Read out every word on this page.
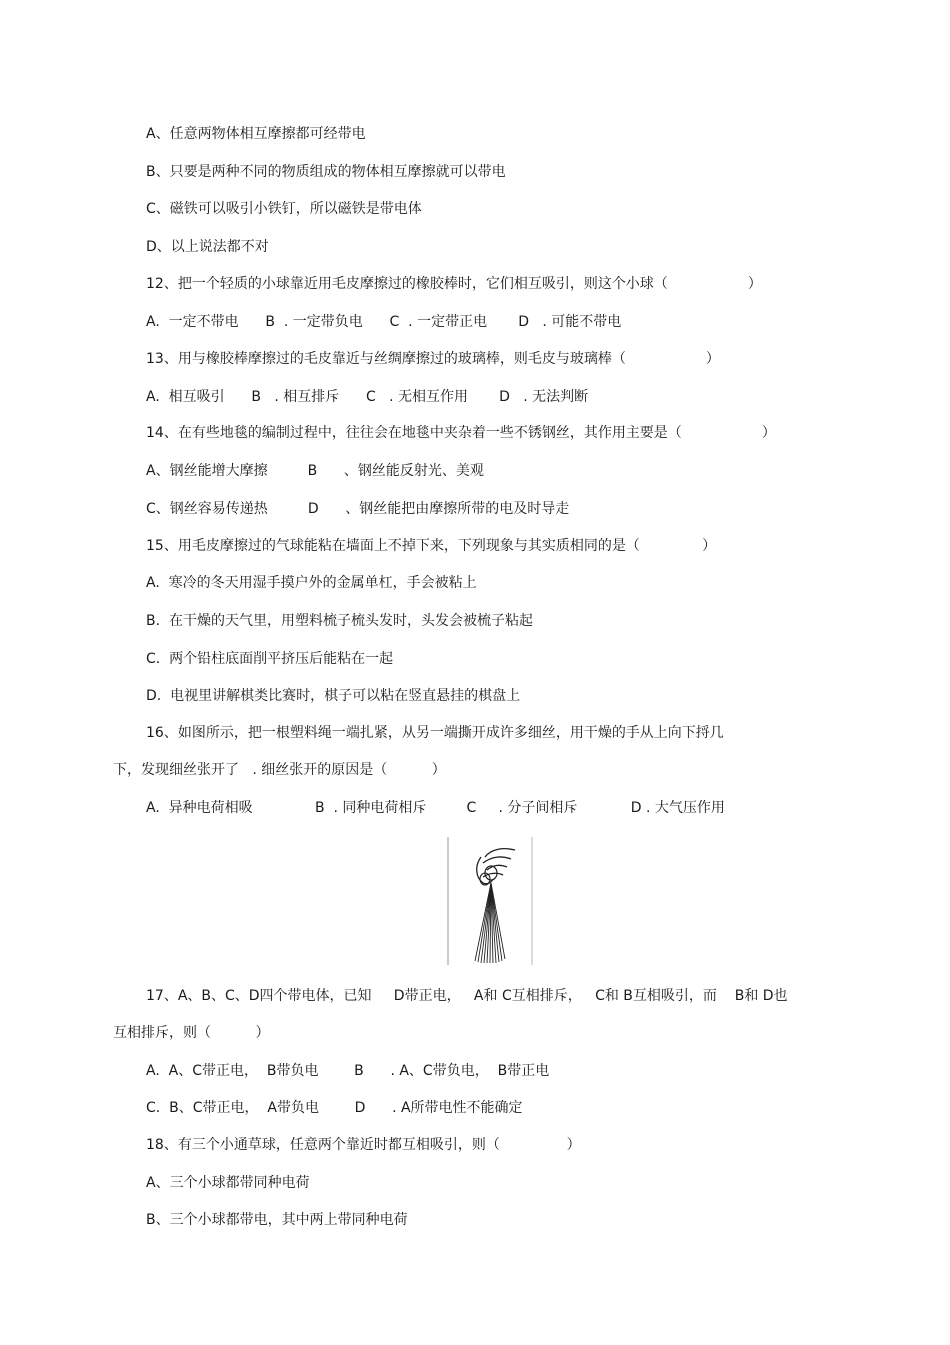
A、任意两物体相互摩擦都可经带电
B、只要是两种不同的物质组成的物体相互摩擦就可以带电
C、磁铁可以吸引小铁钉，所以磁铁是带电体
D、以上说法都不对
12、把一个轻质的小球靠近用毛皮摩擦过的橡胶棒时，它们相互吸引，则这个小球（                  ）
A.  一定不带电      B  . 一定带负电      C  . 一定带正电       D   . 可能不带电
13、用与橡胶棒摩擦过的毛皮靠近与丝绸摩擦过的玻璃棒，则毛皮与玻璃棒（                  ）
A.  相互吸引      B   . 相互排斥      C   . 无相互作用       D   . 无法判断
14、在有些地毯的编制过程中，往往会在地毯中夹杂着一些不锈钢丝，其作用主要是（                  ）
A、钢丝能增大摩擦         B      、钢丝能反射光、美观
C、钢丝容易传递热         D      、钢丝能把由摩擦所带的电及时导走
15、用毛皮摩擦过的气球能粘在墙面上不掉下来，下列现象与其实质相同的是（              ）
A.  寒冷的冬天用湿手摸户外的金属单杠，手会被粘上
B.  在干燥的天气里，用塑料梳子梳头发时，头发会被梳子粘起
C.  两个铅柱底面削平挤压后能粘在一起
D.  电视里讲解棋类比赛时，棋子可以粘在竖直悬挂的棋盘上
16、如图所示，把一根塑料绳一端扎紧，从另一端撕开成许多细丝，用干燥的手从上向下捋几
下，发现细丝张开了   . 细丝张开的原因是（          ）
A.  异种电荷相吸              B  . 同种电荷相斥         C     . 分子间相斥            D . 大气压作用
17、A、B、C、D四个带电体，已知     D带正电，   A和 C互相排斥，   C和 B互相吸引，而    B和 D也
互相排斥，则（          ）
A.  A、C带正电，  B带负电        B      . A、C带负电，  B带正电
C.  B、C带正电，  A带负电        D      . A所带电性不能确定
18、有三个小通草球，任意两个靠近时都互相吸引，则（               ）
A、三个小球都带同种电荷
B、三个小球都带电，其中两上带同种电荷
